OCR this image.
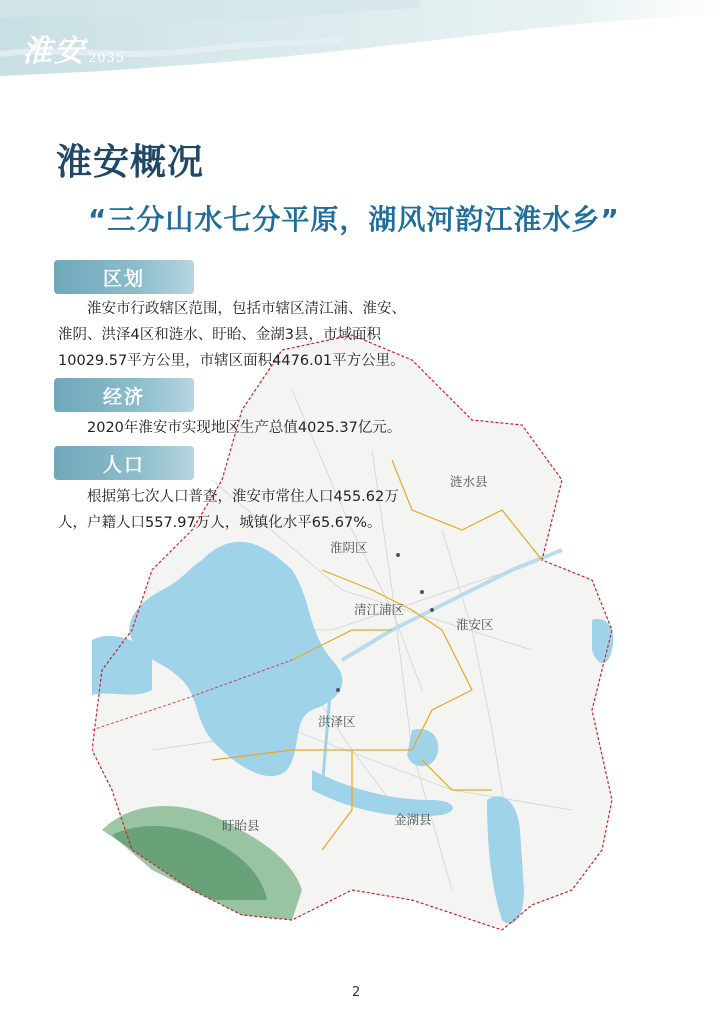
淮安 2035
淮安概况
“三分山水七分平原，湖风河韵江淮水乡”
涟水县
淮阴区
清江浦区
淮安区
洪泽区
盱眙县	金湖县
区划
淮安市行政辖区范围，包括市辖区清江浦、淮安、淮阴、洪泽4区和涟水、盱眙、金湖3县，市域面积10029.57平方公里，市辖区面积4476.01平方公里。
经济
2020年淮安市实现地区生产总值4025.37亿元。
人口
根据第七次人口普查，淮安市常住人口455.62万人，户籍人口557.97万人，城镇化水平65.67%。
2
